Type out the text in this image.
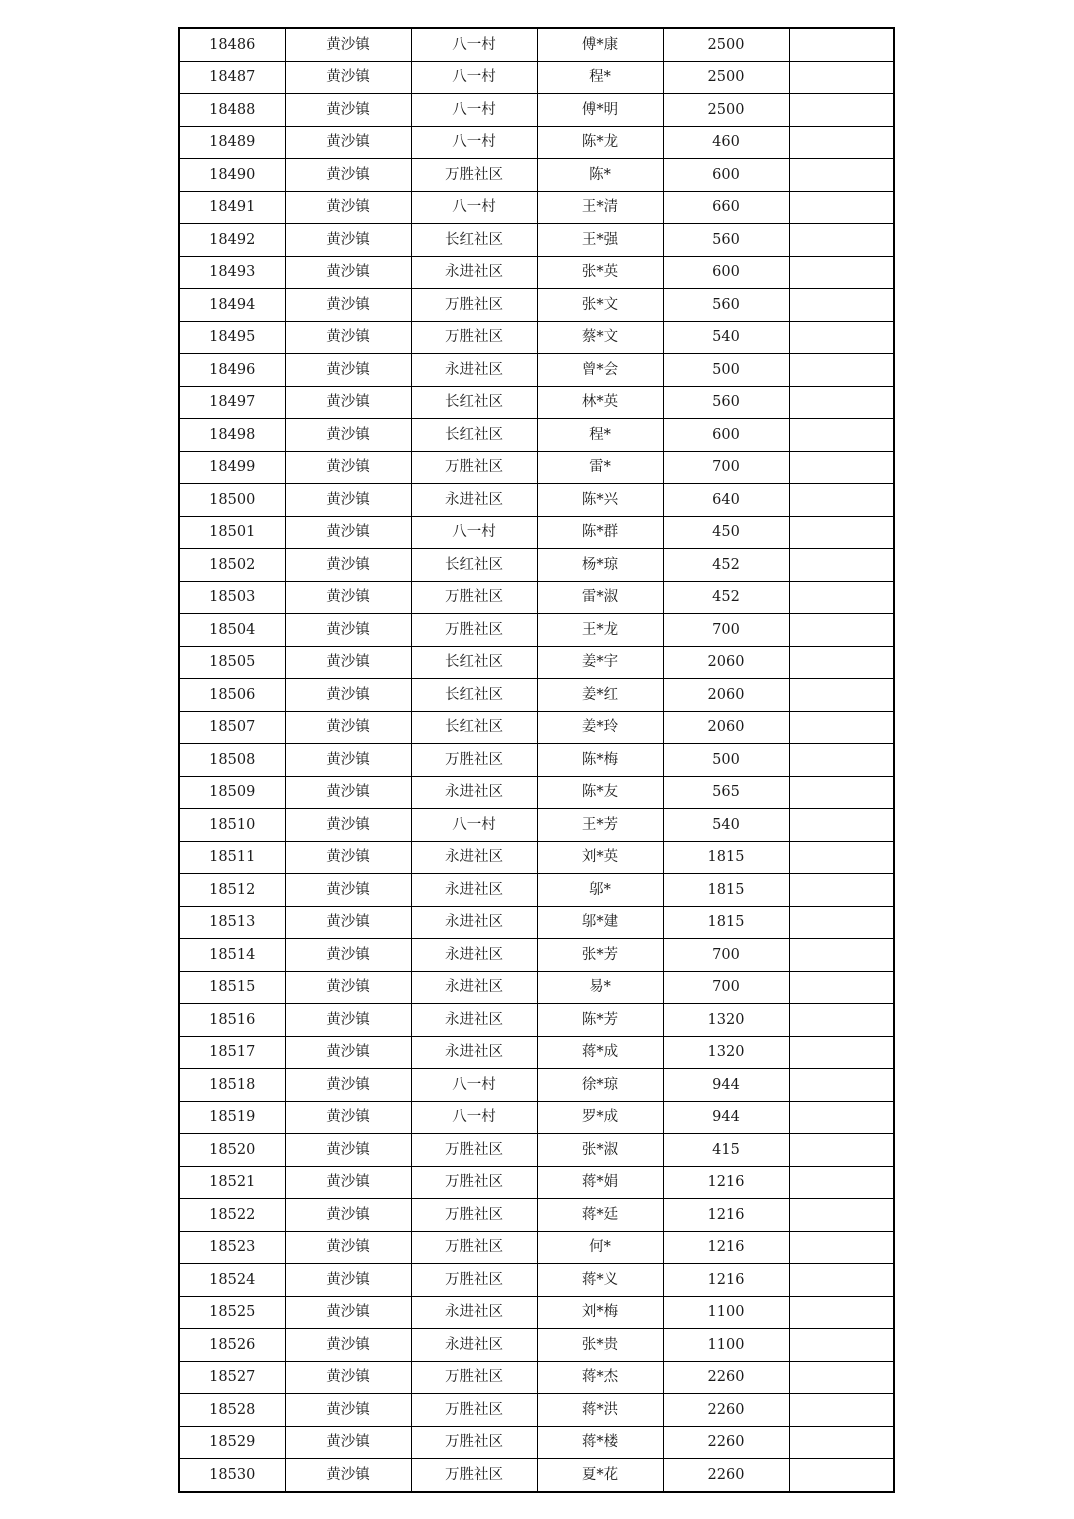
18486	黄沙镇	八一村	傅*康	2500	
18487	黄沙镇	八一村	程*	2500	
18488	黄沙镇	八一村	傅*明	2500	
18489	黄沙镇	八一村	陈*龙	460	
18490	黄沙镇	万胜社区	陈*	600	
18491	黄沙镇	八一村	王*清	660	
18492	黄沙镇	长红社区	王*强	560	
18493	黄沙镇	永进社区	张*英	600	
18494	黄沙镇	万胜社区	张*文	560	
18495	黄沙镇	万胜社区	蔡*文	540	
18496	黄沙镇	永进社区	曾*会	500	
18497	黄沙镇	长红社区	林*英	560	
18498	黄沙镇	长红社区	程*	600	
18499	黄沙镇	万胜社区	雷*	700	
18500	黄沙镇	永进社区	陈*兴	640	
18501	黄沙镇	八一村	陈*群	450	
18502	黄沙镇	长红社区	杨*琼	452	
18503	黄沙镇	万胜社区	雷*淑	452	
18504	黄沙镇	万胜社区	王*龙	700	
18505	黄沙镇	长红社区	姜*宇	2060	
18506	黄沙镇	长红社区	姜*红	2060	
18507	黄沙镇	长红社区	姜*玲	2060	
18508	黄沙镇	万胜社区	陈*梅	500	
18509	黄沙镇	永进社区	陈*友	565	
18510	黄沙镇	八一村	王*芳	540	
18511	黄沙镇	永进社区	刘*英	1815	
18512	黄沙镇	永进社区	邬*	1815	
18513	黄沙镇	永进社区	邬*建	1815	
18514	黄沙镇	永进社区	张*芳	700	
18515	黄沙镇	永进社区	易*	700	
18516	黄沙镇	永进社区	陈*芳	1320	
18517	黄沙镇	永进社区	蒋*成	1320	
18518	黄沙镇	八一村	徐*琼	944	
18519	黄沙镇	八一村	罗*成	944	
18520	黄沙镇	万胜社区	张*淑	415	
18521	黄沙镇	万胜社区	蒋*娟	1216	
18522	黄沙镇	万胜社区	蒋*廷	1216	
18523	黄沙镇	万胜社区	何*	1216	
18524	黄沙镇	万胜社区	蒋*义	1216	
18525	黄沙镇	永进社区	刘*梅	1100	
18526	黄沙镇	永进社区	张*贵	1100	
18527	黄沙镇	万胜社区	蒋*杰	2260	
18528	黄沙镇	万胜社区	蒋*洪	2260	
18529	黄沙镇	万胜社区	蒋*楼	2260	
18530	黄沙镇	万胜社区	夏*花	2260	
